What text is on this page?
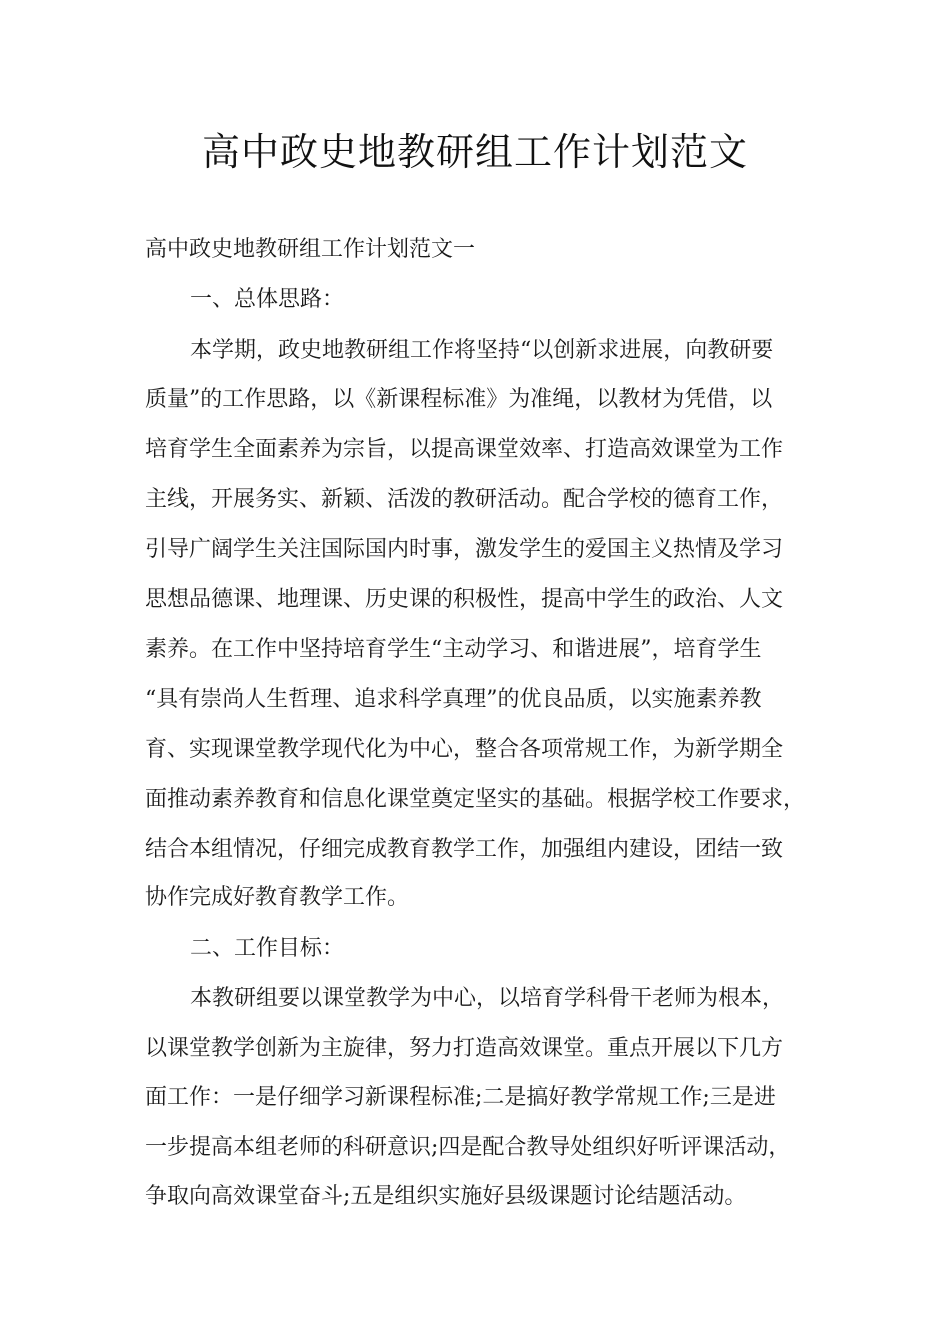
高中政史地教研组工作计划范文
高中政史地教研组工作计划范文一
一、总体思路：
本学期，政史地教研组工作将坚持“以创新求进展，向教研要
质量”的工作思路，以《新课程标准》为准绳，以教材为凭借，以
培育学生全面素养为宗旨，以提高课堂效率、打造高效课堂为工作
主线，开展务实、新颖、活泼的教研活动。配合学校的德育工作，
引导广阔学生关注国际国内时事，激发学生的爱国主义热情及学习
思想品德课、地理课、历史课的积极性，提高中学生的政治、人文
素养。在工作中坚持培育学生“主动学习、和谐进展”，培育学生
“具有崇尚人生哲理、追求科学真理”的优良品质，以实施素养教
育、实现课堂教学现代化为中心，整合各项常规工作，为新学期全
面推动素养教育和信息化课堂奠定坚实的基础。根据学校工作要求，
结合本组情况，仔细完成教育教学工作，加强组内建设，团结一致
协作完成好教育教学工作。
二、工作目标：
本教研组要以课堂教学为中心，以培育学科骨干老师为根本，
以课堂教学创新为主旋律，努力打造高效课堂。重点开展以下几方
面工作：一是仔细学习新课程标准;二是搞好教学常规工作;三是进
一步提高本组老师的科研意识;四是配合教导处组织好听评课活动，
争取向高效课堂奋斗;五是组织实施好县级课题讨论结题活动。
